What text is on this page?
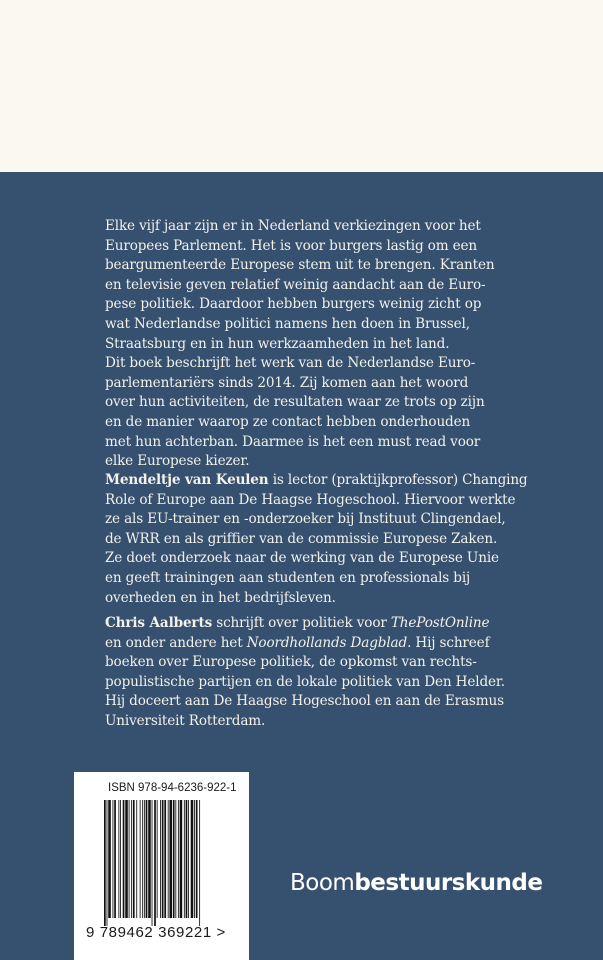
Elke vijf jaar zijn er in Nederland verkiezingen voor het
Europees Parlement. Het is voor burgers lastig om een
beargumenteerde Europese stem uit te brengen. Kranten
en televisie geven relatief weinig aandacht aan de Euro-
pese politiek. Daardoor hebben burgers weinig zicht op
wat Nederlandse politici namens hen doen in Brussel,
Straatsburg en in hun werkzaamheden in het land.
Dit boek beschrijft het werk van de Nederlandse Euro-
parlementariërs sinds 2014. Zij komen aan het woord
over hun activiteiten, de resultaten waar ze trots op zijn
en de manier waarop ze contact hebben onderhouden
met hun achterban. Daarmee is het een must read voor
elke Europese kiezer.
Mendeltje van Keulen is lector (praktijkprofessor) Changing
Role of Europe aan De Haagse Hogeschool. Hiervoor werkte
ze als EU-trainer en -onderzoeker bij Instituut Clingendael,
de WRR en als griffier van de commissie Europese Zaken.
Ze doet onderzoek naar de werking van de Europese Unie
en geeft trainingen aan studenten en professionals bij
overheden en in het bedrijfsleven.
Chris Aalberts schrijft over politiek voor ThePostOnline
en onder andere het Noordhollands Dagblad. Hij schreef
boeken over Europese politiek, de opkomst van rechts-
populistische partijen en de lokale politiek van Den Helder.
Hij doceert aan De Haagse Hogeschool en aan de Erasmus
Universiteit Rotterdam.
ISBN 978-94-6236-922-1
9 789462 369221 >
Boombestuurskunde
